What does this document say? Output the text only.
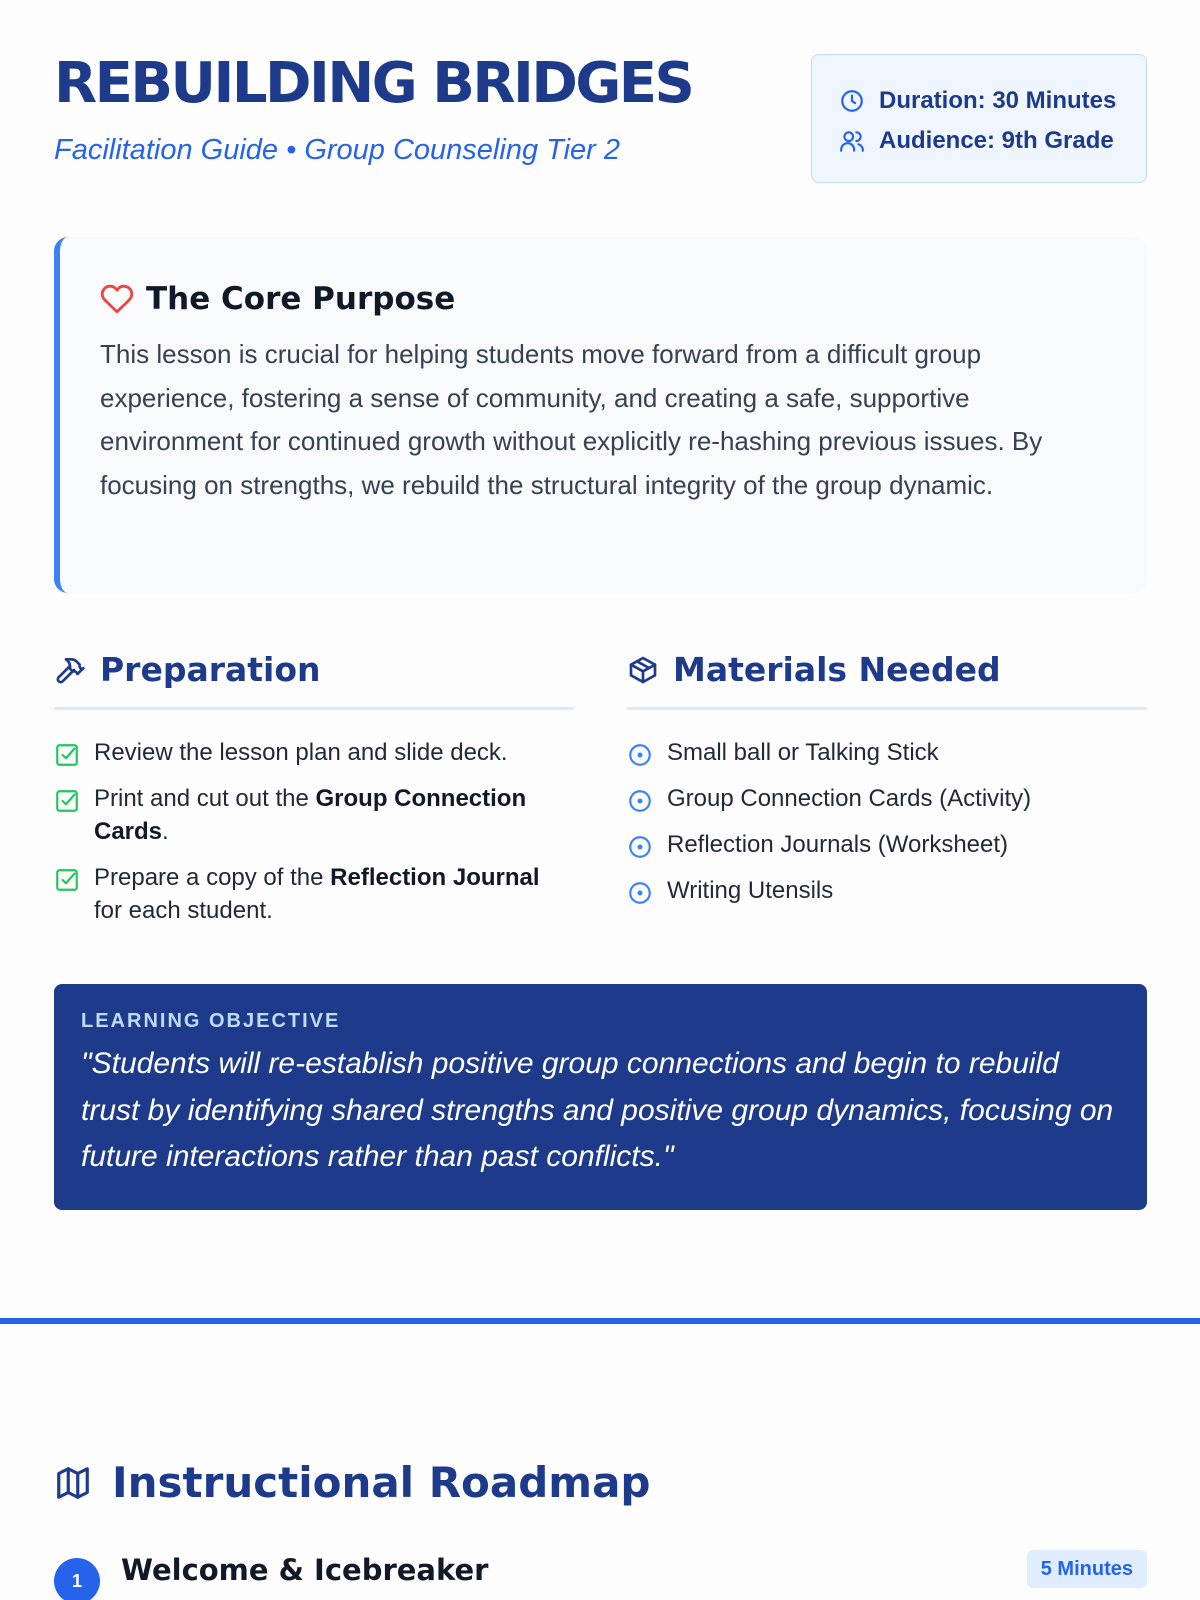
REBUILDING BRIDGES
Facilitation Guide • Group Counseling Tier 2
Duration: 30 Minutes
Audience: 9th Grade
The Core Purpose

This lesson is crucial for helping students move forward from a difficult group experience, fostering a sense of community, and creating a safe, supportive environment for continued growth without explicitly re-hashing previous issues. By focusing on strengths, we rebuild the structural integrity of the group dynamic.

Preparation
Review the lesson plan and slide deck.
Print and cut out the Group Connection Cards.
Prepare a copy of the Reflection Journal for each student.
Materials Needed
Small ball or Talking Stick
Group Connection Cards (Activity)
Reflection Journals (Worksheet)
Writing Utensils
LEARNING OBJECTIVE

"Students will re-establish positive group connections and begin to rebuild trust by identifying shared strengths and positive group dynamics, focusing on future interactions rather than past conflicts."

Instructional Roadmap
1	Welcome & Icebreaker	5 Minutes
